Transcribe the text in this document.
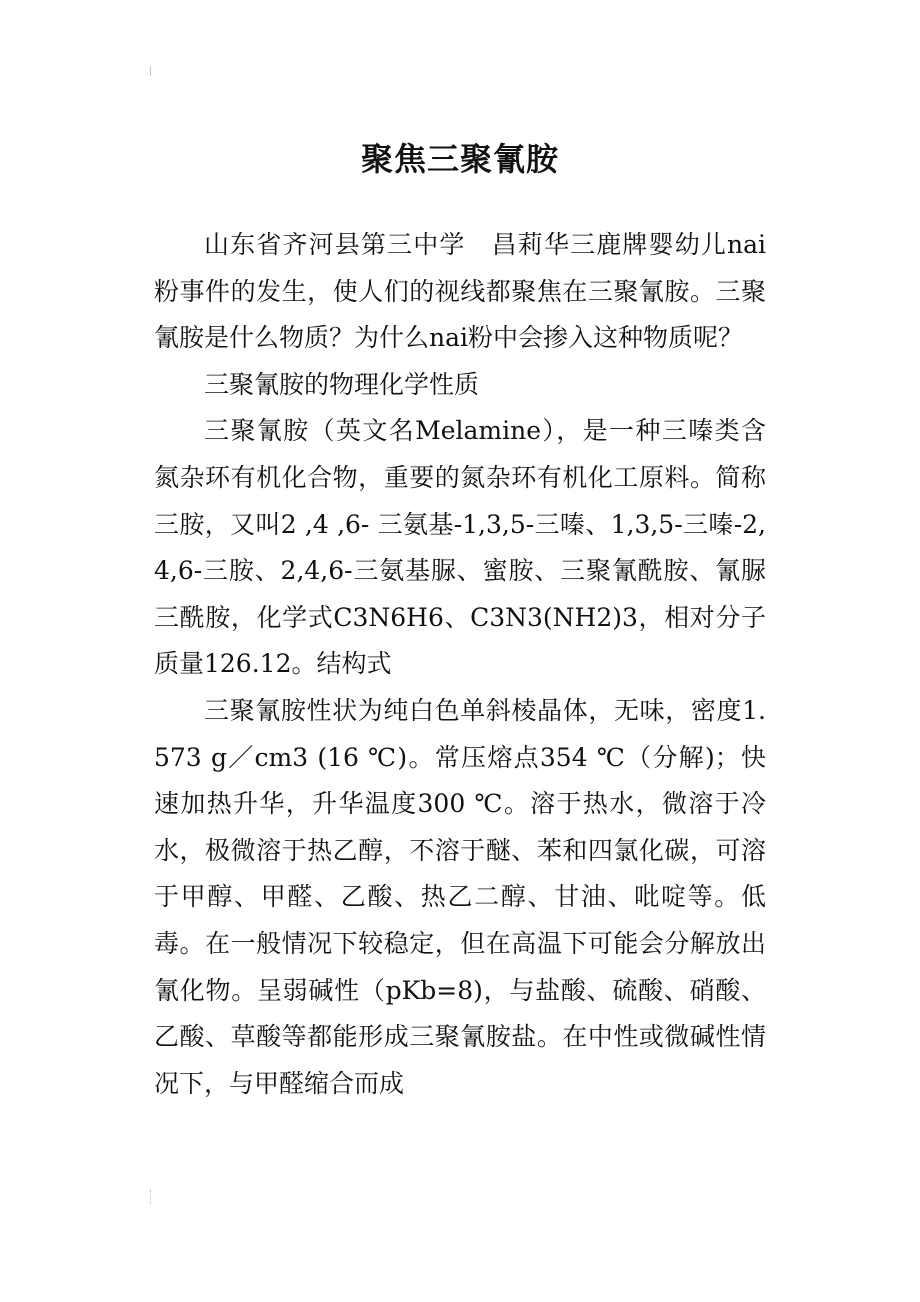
聚焦三聚氰胺

山东省齐河县第三中学　昌莉华三鹿牌婴幼儿nai粉事件的发生，使人们的视线都聚焦在三聚氰胺。三聚氰胺是什么物质？为什么nai粉中会掺入这种物质呢？

三聚氰胺的物理化学性质

三聚氰胺（英文名Melamine），是一种三嗪类含氮杂环有机化合物，重要的氮杂环有机化工原料。简称三胺，又叫2 ,4 ,6- 三氨基-1,3,5-三嗪、1,3,5-三嗪-2,4,6-三胺、2,4,6-三氨基脲、蜜胺、三聚氰酰胺、氰脲三酰胺，化学式C3N6H6、C3N3(NH2)3，相对分子质量126.12。结构式

三聚氰胺性状为纯白色单斜棱晶体，无味，密度1.573 g／cm3 (16 ℃)。常压熔点354 ℃（分解)；快速加热升华，升华温度300 ℃。溶于热水，微溶于冷水，极微溶于热乙醇，不溶于醚、苯和四氯化碳，可溶于甲醇、甲醛、乙酸、热乙二醇、甘油、吡啶等。低毒。在一般情况下较稳定，但在高温下可能会分解放出氰化物。呈弱碱性（pKb=8)，与盐酸、硫酸、硝酸、乙酸、草酸等都能形成三聚氰胺盐。在中性或微碱性情况下，与甲醛缩合而成
